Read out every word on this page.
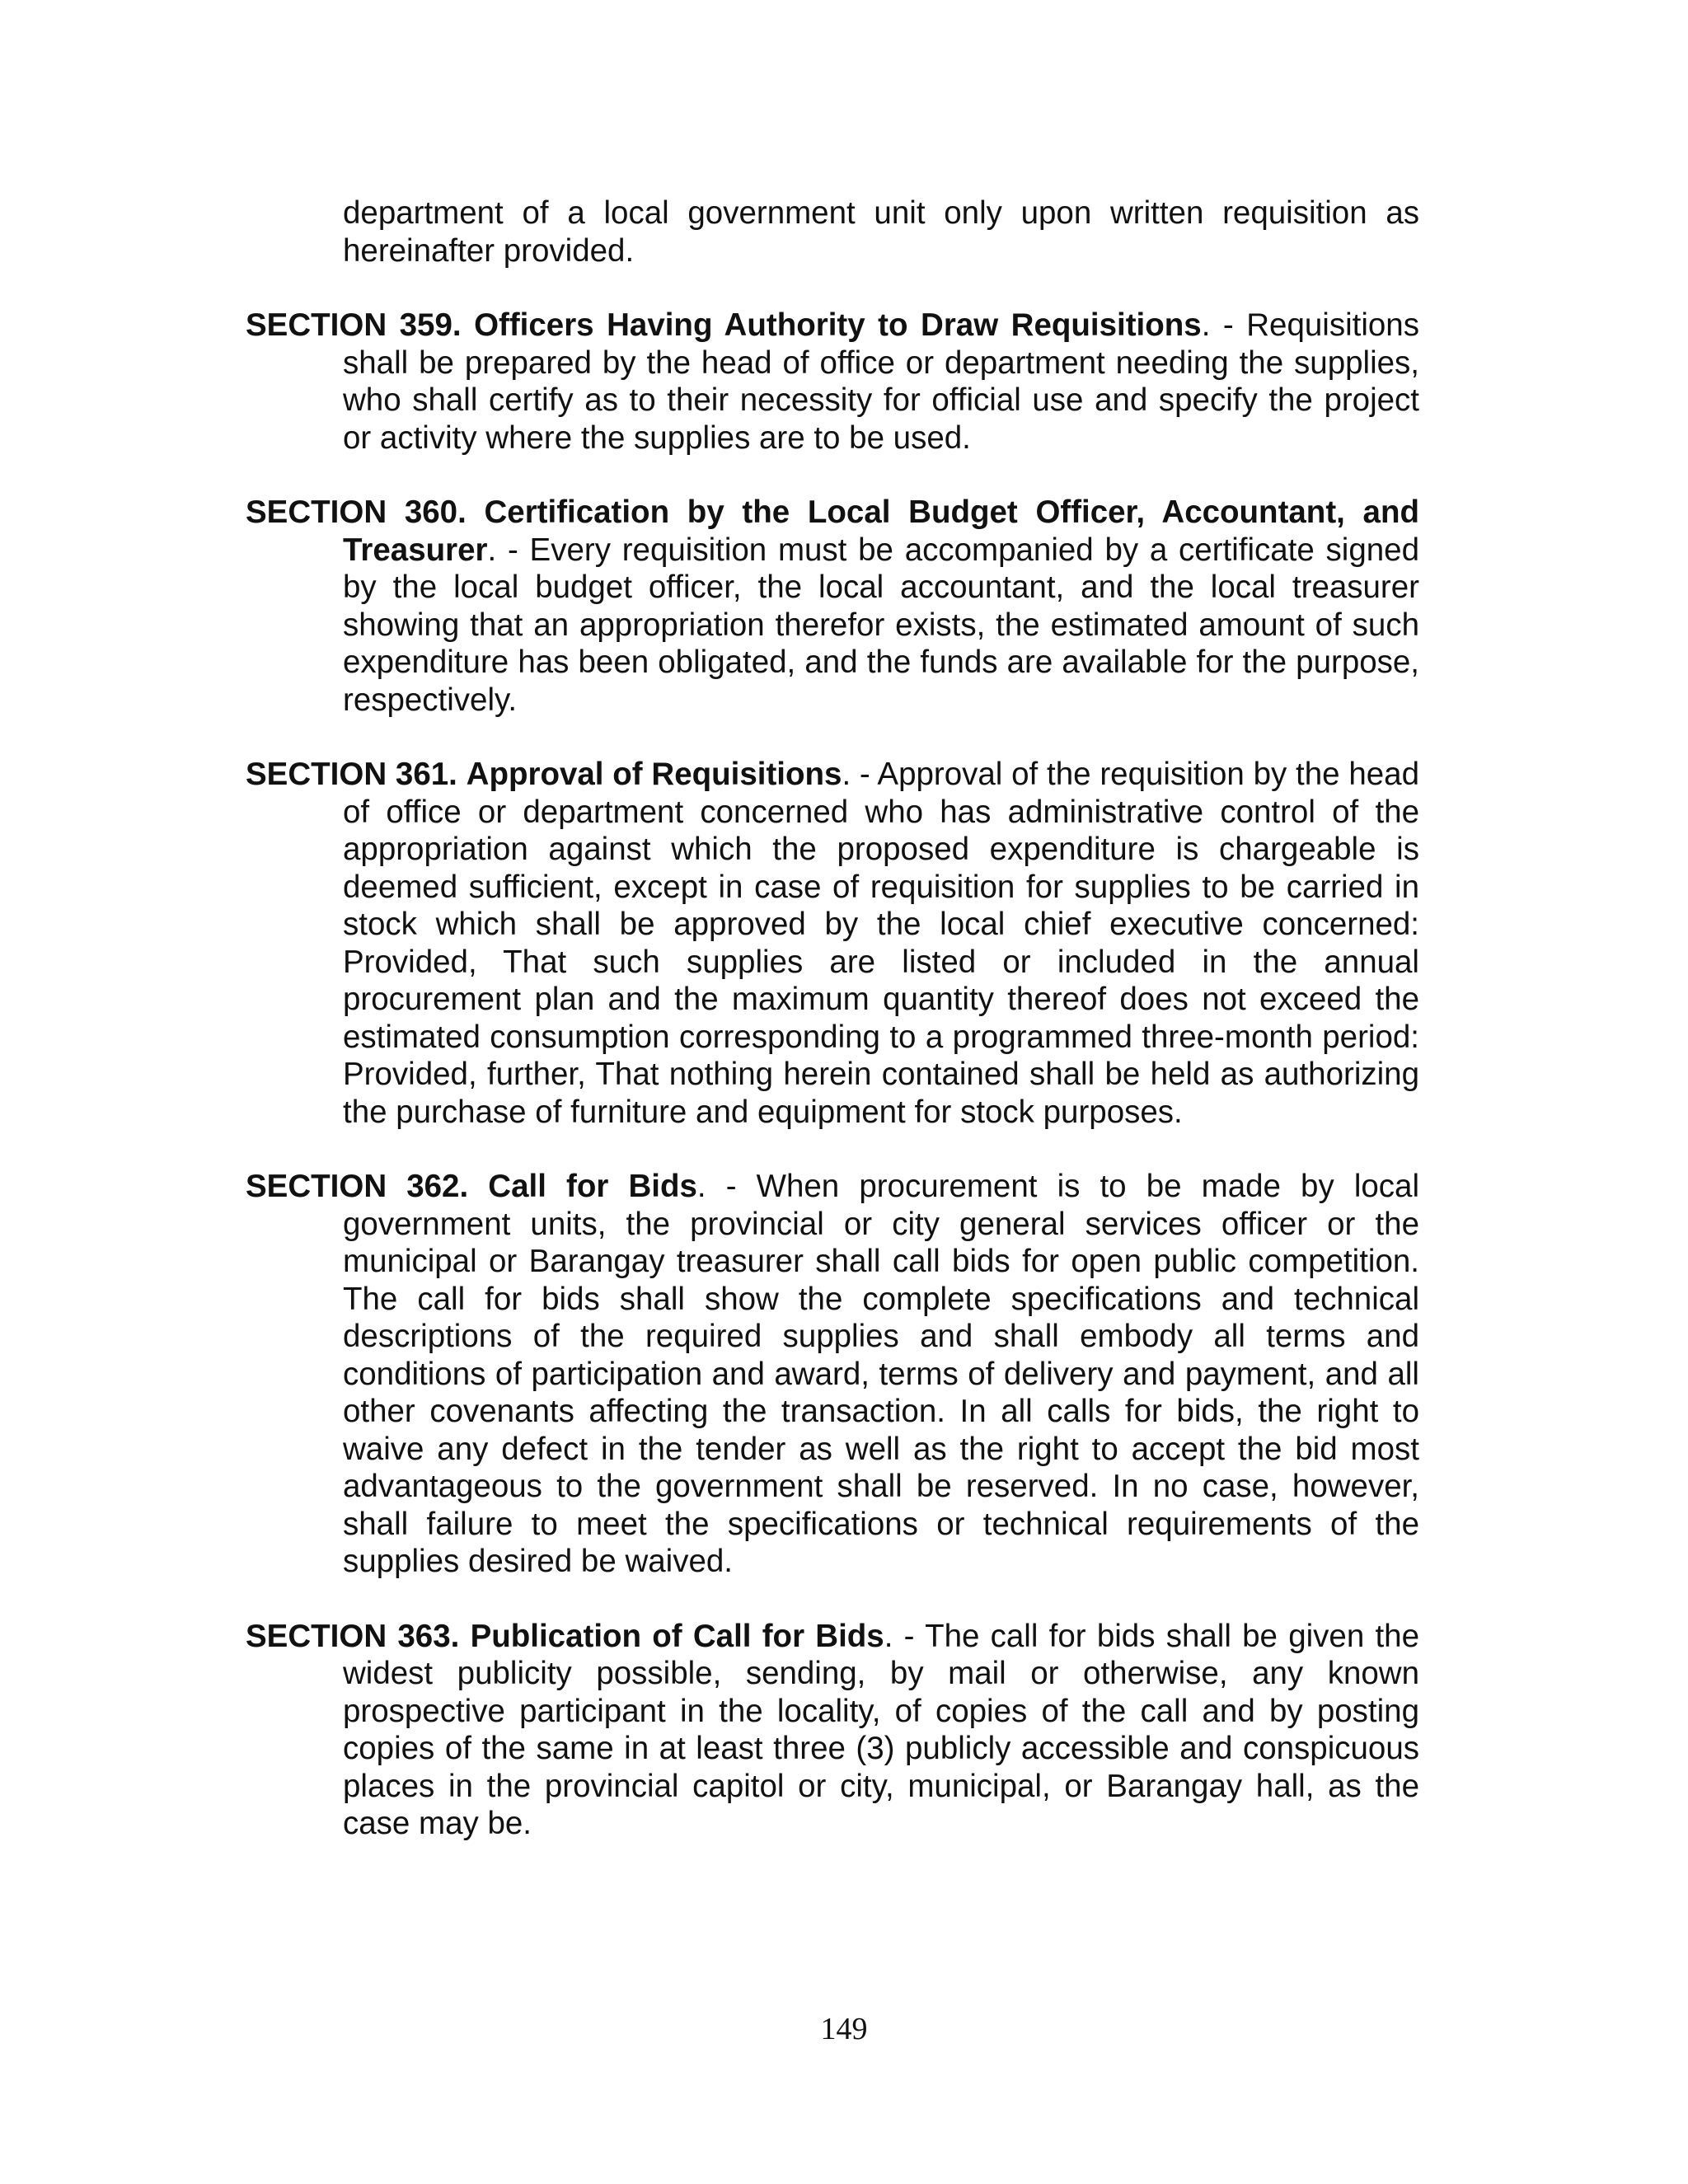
department of a local government unit only upon written requisition as hereinafter provided.

SECTION 359. Officers Having Authority to Draw Requisitions. - Requisitions shall be prepared by the head of office or department needing the supplies, who shall certify as to their necessity for official use and specify the project or activity where the supplies are to be used.

SECTION 360. Certification by the Local Budget Officer, Accountant, and Treasurer. - Every requisition must be accompanied by a certificate signed by the local budget officer, the local accountant, and the local treasurer showing that an appropriation therefor exists, the estimated amount of such expenditure has been obligated, and the funds are available for the purpose, respectively.

SECTION 361. Approval of Requisitions. - Approval of the requisition by the head of office or department concerned who has administrative control of the appropriation against which the proposed expenditure is chargeable is deemed sufficient, except in case of requisition for supplies to be carried in stock which shall be approved by the local chief executive concerned: Provided, That such supplies are listed or included in the annual procurement plan and the maximum quantity thereof does not exceed the estimated consumption corresponding to a programmed three-month period: Provided, further, That nothing herein contained shall be held as authorizing the purchase of furniture and equipment for stock purposes.

SECTION 362. Call for Bids. - When procurement is to be made by local government units, the provincial or city general services officer or the municipal or Barangay treasurer shall call bids for open public competition. The call for bids shall show the complete specifications and technical descriptions of the required supplies and shall embody all terms and conditions of participation and award, terms of delivery and payment, and all other covenants affecting the transaction. In all calls for bids, the right to waive any defect in the tender as well as the right to accept the bid most advantageous to the government shall be reserved. In no case, however, shall failure to meet the specifications or technical requirements of the supplies desired be waived.

SECTION 363. Publication of Call for Bids. - The call for bids shall be given the widest publicity possible, sending, by mail or otherwise, any known prospective participant in the locality, of copies of the call and by posting copies of the same in at least three (3) publicly accessible and conspicuous places in the provincial capitol or city, municipal, or Barangay hall, as the case may be.

149
